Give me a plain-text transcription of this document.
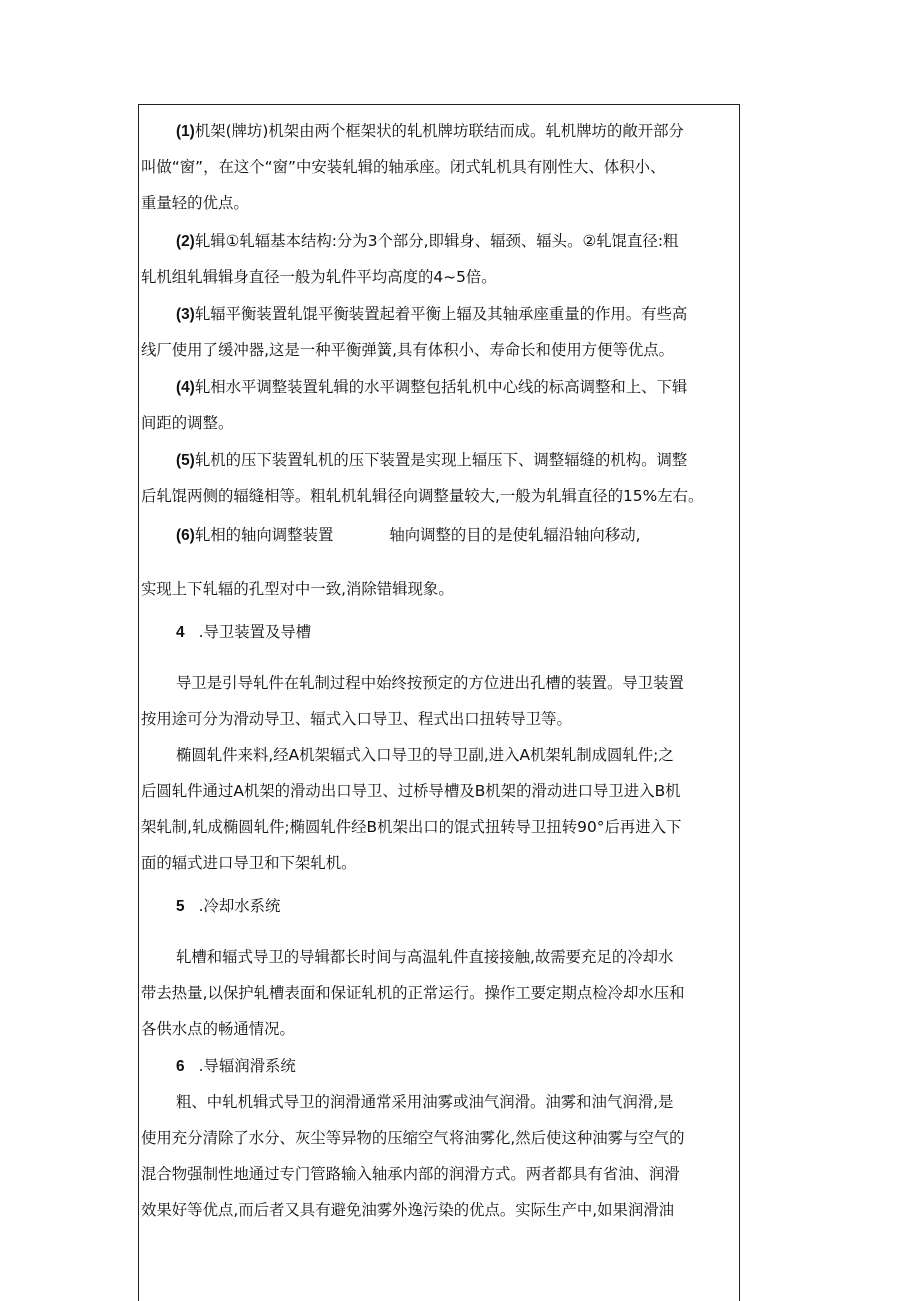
(1)机架(牌坊)机架由两个框架状的轧机牌坊联结而成。轧机牌坊的敞开部分
叫做“窗”，在这个“窗”中安装轧辑的轴承座。闭式轧机具有刚性大、体积小、
重量轻的优点。
(2)轧辑①轧辐基本结构:分为3个部分,即辑身、辐颈、辐头。②轧馄直径:粗
轧机组轧辑辑身直径一般为轧件平均高度的4~5倍。
(3)轧辐平衡装置轧馄平衡装置起着平衡上辐及其轴承座重量的作用。有些高
线厂使用了缓冲器,这是一种平衡弹簧,具有体积小、寿命长和使用方便等优点。
(4)轧相水平调整装置轧辑的水平调整包括轧机中心线的标高调整和上、下辑
间距的调整。
(5)轧机的压下装置轧机的压下装置是实现上辐压下、调整辐缝的机构。调整
后轧馄两侧的辐缝相等。粗轧机轧辑径向调整量较大,一般为轧辑直径的15%左右。
(6)轧相的轴向调整装置	轴向调整的目的是使轧辐沿轴向移动,
实现上下轧辐的孔型对中一致,消除错辑现象。
4 .导卫装置及导槽
导卫是引导轧件在轧制过程中始终按预定的方位进出孔槽的装置。导卫装置
按用途可分为滑动导卫、辐式入口导卫、程式出口扭转导卫等。
椭圆轧件来料,经A机架辐式入口导卫的导卫副,进入A机架轧制成圆轧件;之
后圆轧件通过A机架的滑动出口导卫、过桥导槽及B机架的滑动进口导卫进入B机
架轧制,轧成椭圆轧件;椭圆轧件经B机架出口的馄式扭转导卫扭转90°后再进入下
面的辐式进口导卫和下架轧机。
5 .冷却水系统
轧槽和辐式导卫的导辑都长时间与高温轧件直接接触,故需要充足的冷却水
带去热量,以保护轧槽表面和保证轧机的正常运行。操作工要定期点检冷却水压和
各供水点的畅通情况。
6 .导辐润滑系统
粗、中轧机辑式导卫的润滑通常采用油雾或油气润滑。油雾和油气润滑,是
使用充分清除了水分、灰尘等异物的压缩空气将油雾化,然后使这种油雾与空气的
混合物强制性地通过专门管路输入轴承内部的润滑方式。两者都具有省油、润滑
效果好等优点,而后者又具有避免油雾外逸污染的优点。实际生产中,如果润滑油
